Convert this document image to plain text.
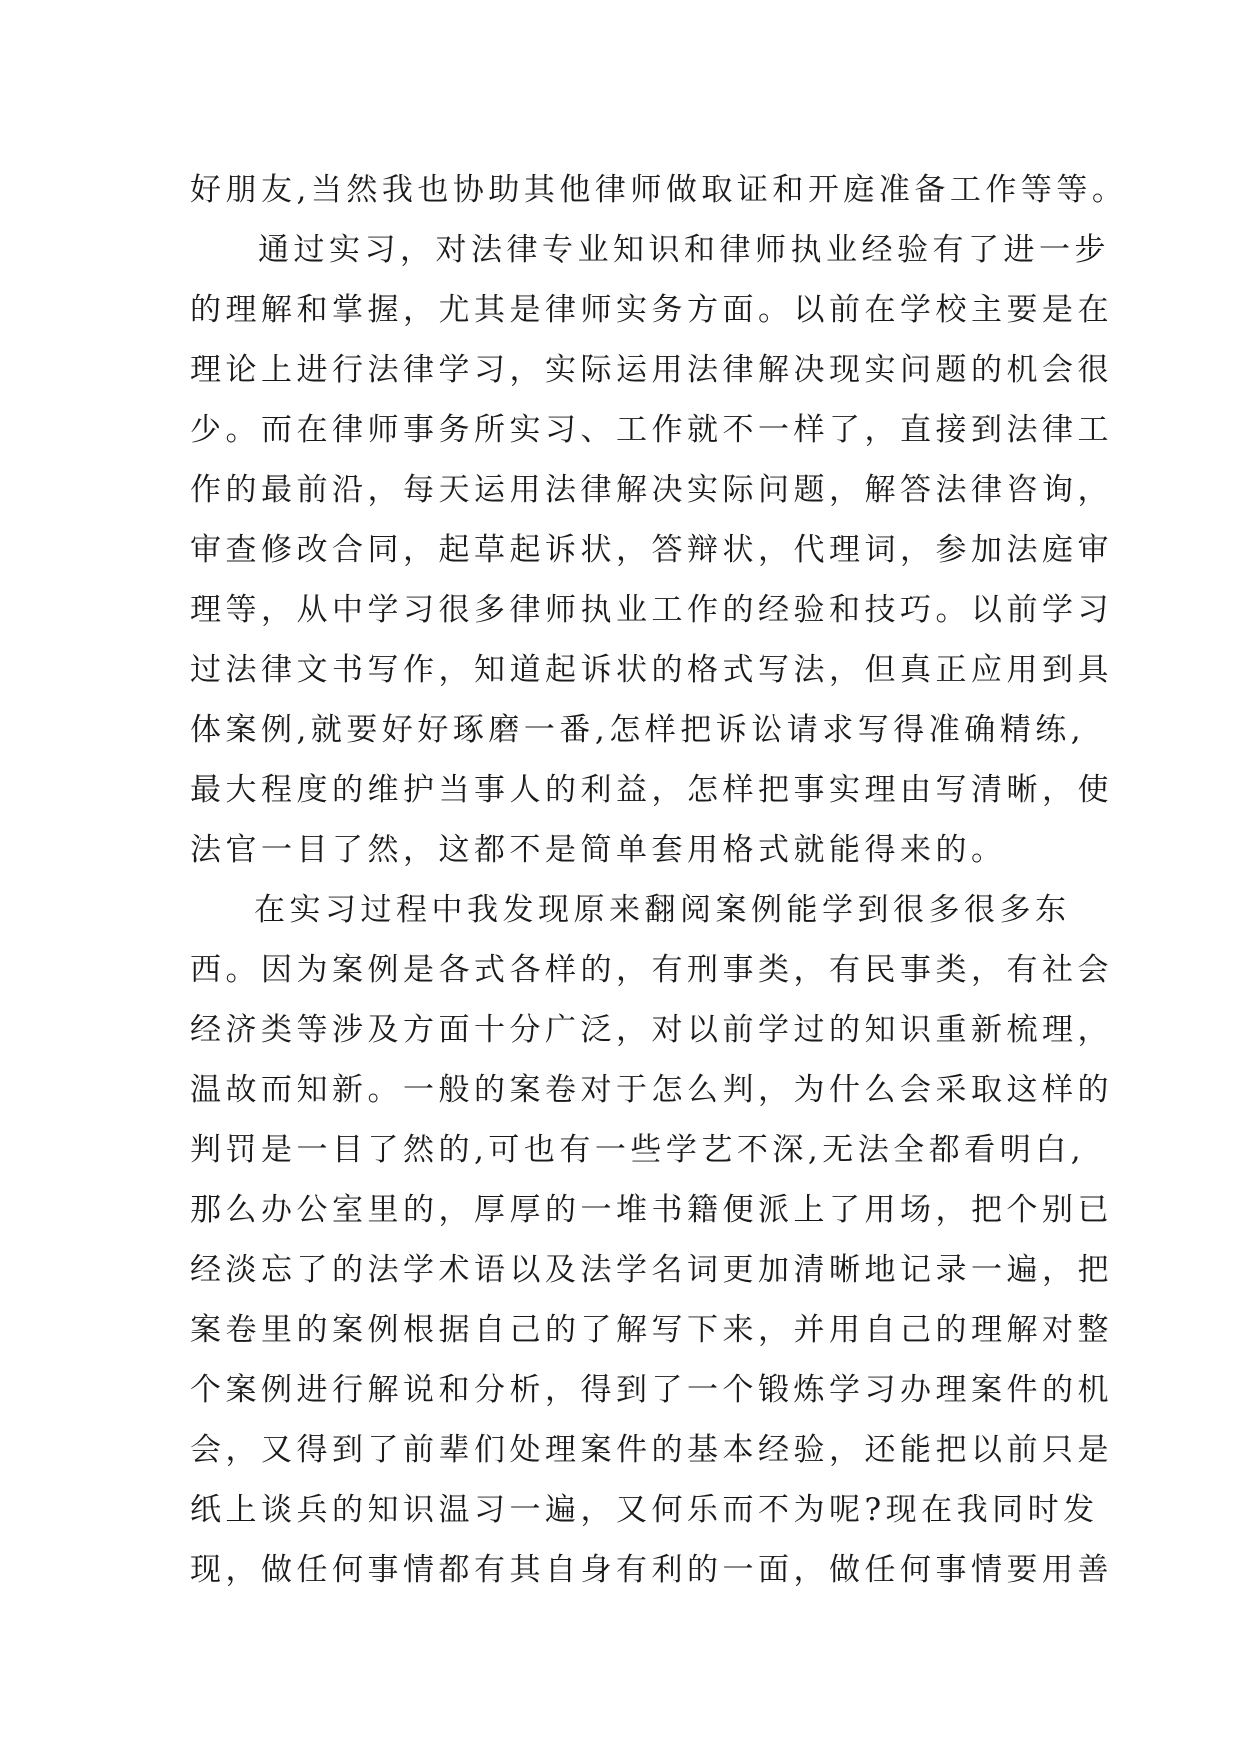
好朋友,当然我也协助其他律师做取证和开庭准备工作等等。

通过实习，对法律专业知识和律师执业经验有了进一步

的理解和掌握，尤其是律师实务方面。以前在学校主要是在

理论上进行法律学习，实际运用法律解决现实问题的机会很

少。而在律师事务所实习、工作就不一样了，直接到法律工

作的最前沿，每天运用法律解决实际问题，解答法律咨询，

审查修改合同，起草起诉状，答辩状，代理词，参加法庭审

理等，从中学习很多律师执业工作的经验和技巧。以前学习

过法律文书写作，知道起诉状的格式写法，但真正应用到具

体案例,就要好好琢磨一番,怎样把诉讼请求写得准确精练,

最大程度的维护当事人的利益，怎样把事实理由写清晰，使

法官一目了然，这都不是简单套用格式就能得来的。

在实习过程中我发现原来翻阅案例能学到很多很多东

西。因为案例是各式各样的，有刑事类，有民事类，有社会

经济类等涉及方面十分广泛，对以前学过的知识重新梳理，

温故而知新。一般的案卷对于怎么判，为什么会采取这样的

判罚是一目了然的,可也有一些学艺不深,无法全都看明白,

那么办公室里的，厚厚的一堆书籍便派上了用场，把个别已

经淡忘了的法学术语以及法学名词更加清晰地记录一遍，把

案卷里的案例根据自己的了解写下来，并用自己的理解对整

个案例进行解说和分析，得到了一个锻炼学习办理案件的机

会，又得到了前辈们处理案件的基本经验，还能把以前只是

纸上谈兵的知识温习一遍，又何乐而不为呢?现在我同时发

现，做任何事情都有其自身有利的一面，做任何事情要用善
